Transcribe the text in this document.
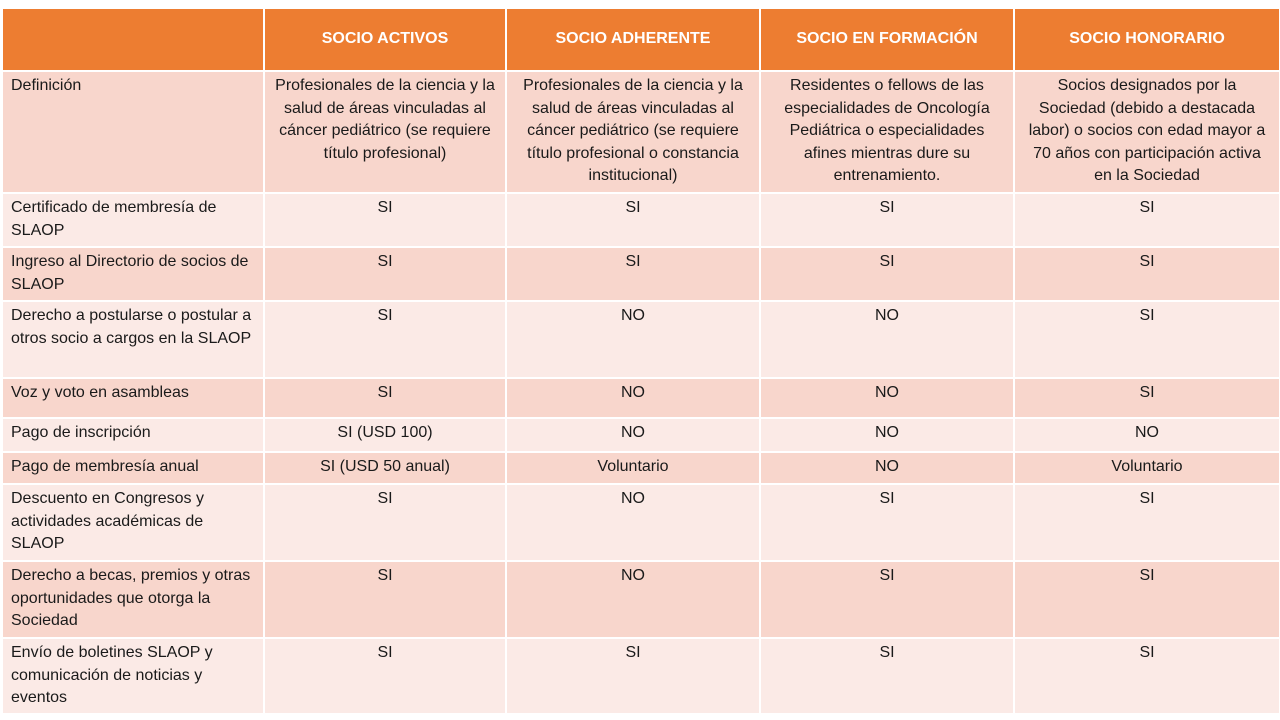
	SOCIO ACTIVOS	SOCIO ADHERENTE	SOCIO EN FORMACIÓN	SOCIO HONORARIO
Definición	Profesionales de la ciencia y la salud de áreas vinculadas al cáncer pediátrico (se requiere título profesional)	Profesionales de la ciencia y la salud de áreas vinculadas al cáncer pediátrico (se requiere título profesional o constancia institucional)	Residentes o fellows de las especialidades de Oncología Pediátrica o especialidades afines mientras dure su entrenamiento.	Socios designados por la Sociedad (debido a destacada labor) o socios con edad mayor a 70 años con participación activa en la Sociedad
Certificado de membresía de SLAOP	SI	SI	SI	SI
Ingreso al Directorio de socios de SLAOP	SI	SI	SI	SI
Derecho a postularse o postular a otros socio a cargos en la SLAOP	SI	NO	NO	SI
Voz y voto en asambleas	SI	NO	NO	SI
Pago de inscripción	SI (USD 100)	NO	NO	NO
Pago de membresía anual	SI (USD 50 anual)	Voluntario	NO	Voluntario
Descuento en Congresos y actividades académicas de SLAOP	SI	NO	SI	SI
Derecho a becas, premios y otras oportunidades que otorga la Sociedad	SI	NO	SI	SI
Envío de boletines SLAOP y comunicación de noticias y eventos	SI	SI	SI	SI
